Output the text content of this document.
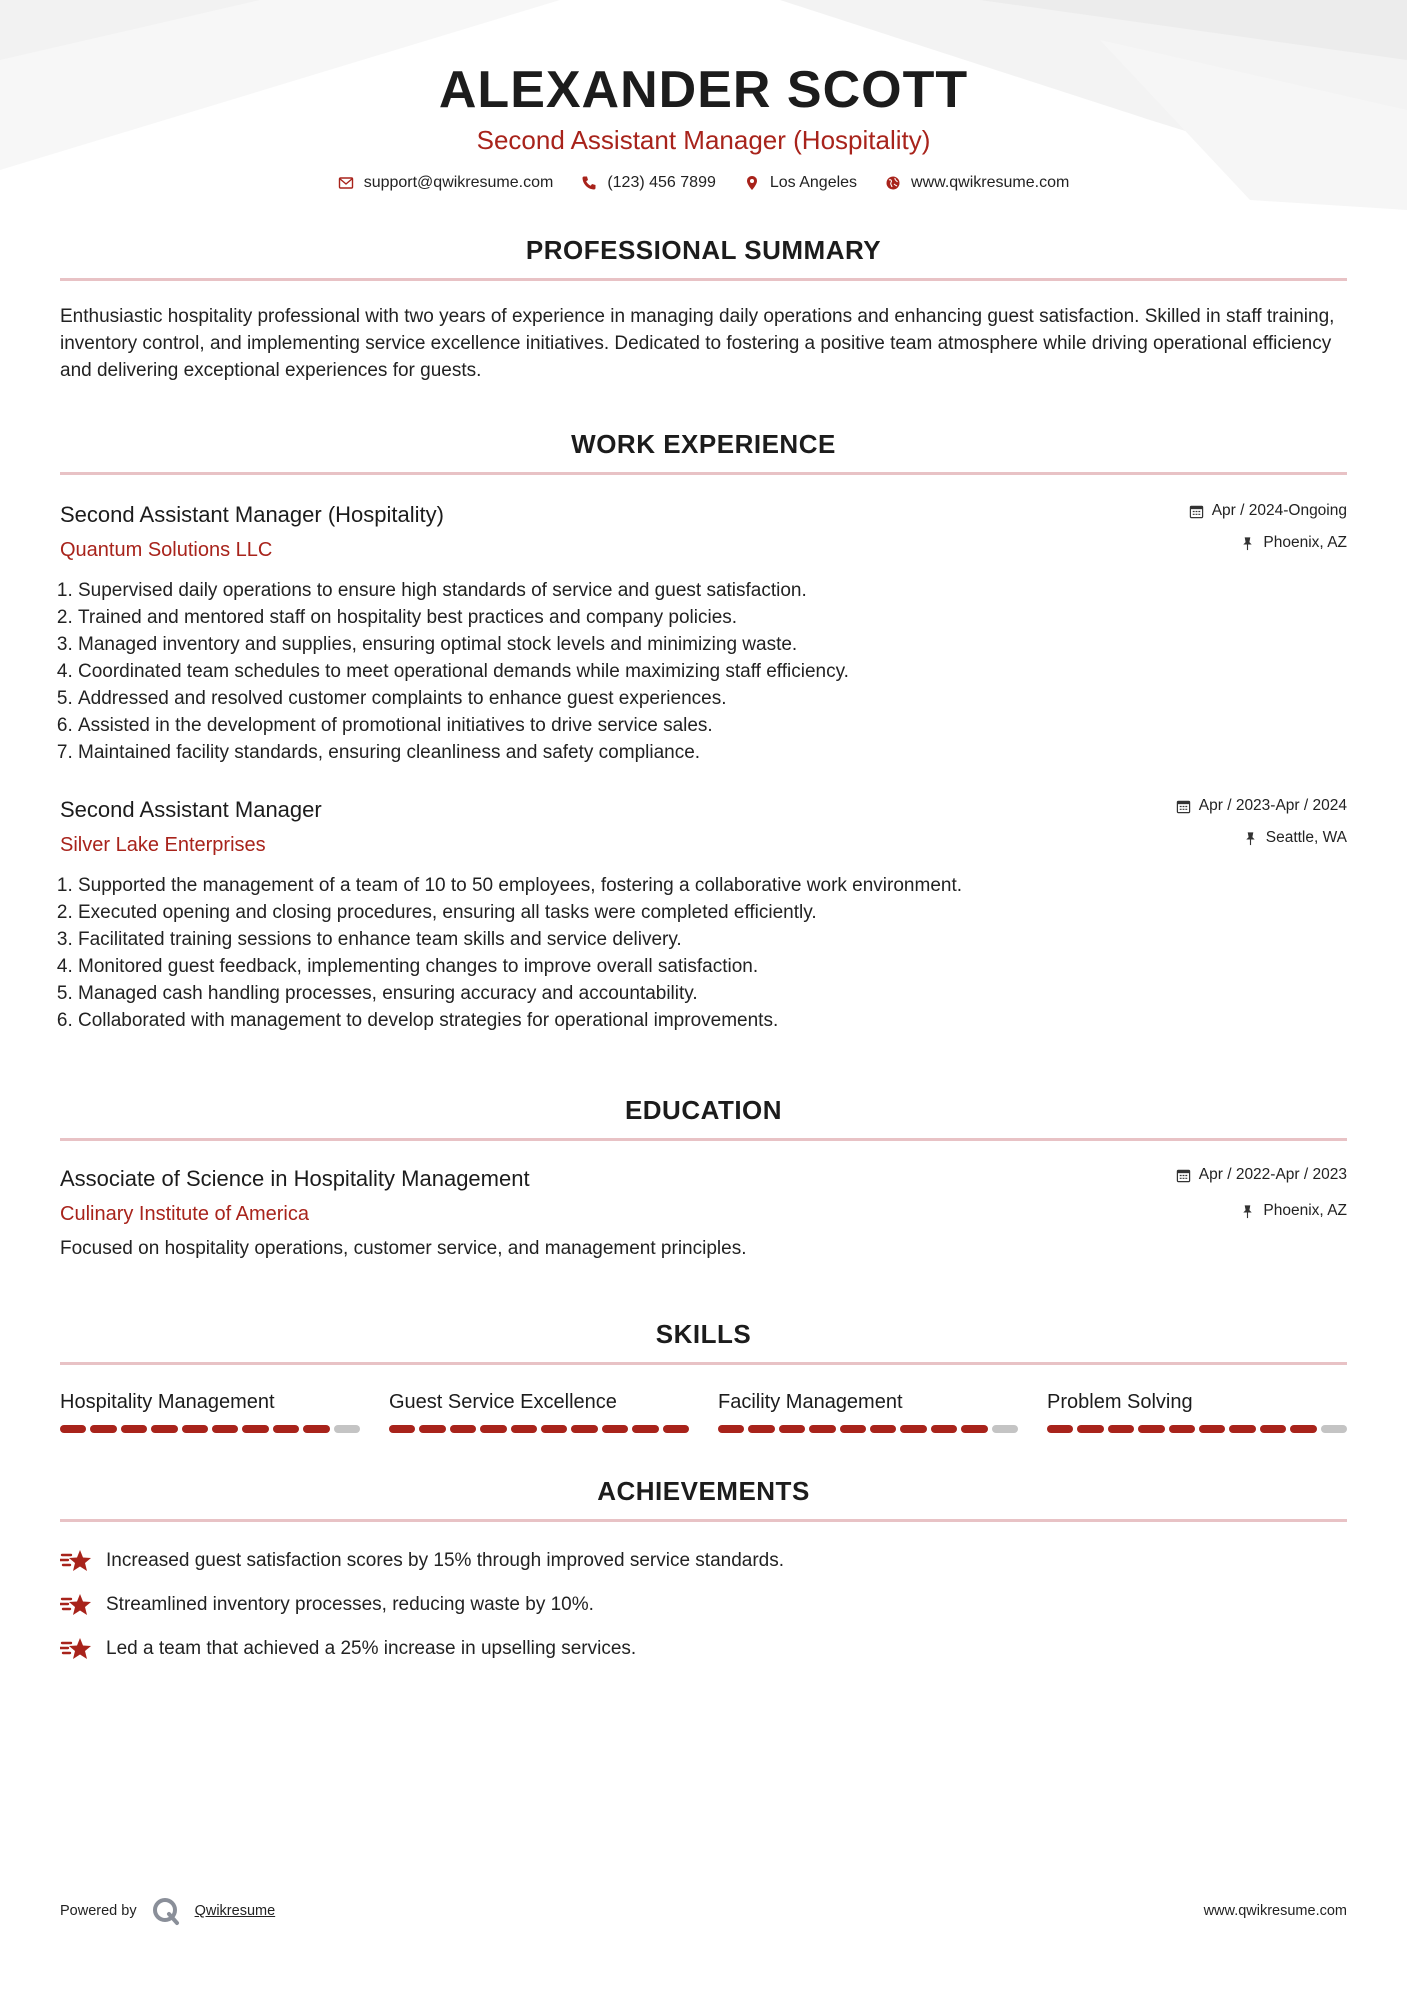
ALEXANDER SCOTT
Second Assistant Manager (Hospitality)
support@qwikresume.com	(123) 456 7899	Los Angeles	www.qwikresume.com
PROFESSIONAL SUMMARY

Enthusiastic hospitality professional with two years of experience in managing daily operations and enhancing guest satisfaction. Skilled in staff training, inventory control, and implementing service excellence initiatives. Dedicated to fostering a positive team atmosphere while driving operational efficiency and delivering exceptional experiences for guests.

WORK EXPERIENCE
Second Assistant Manager (Hospitality)
Quantum Solutions LLC
Apr / 2024-Ongoing
Phoenix, AZ
1. Supervised daily operations to ensure high standards of service and guest satisfaction.
2. Trained and mentored staff on hospitality best practices and company policies.
3. Managed inventory and supplies, ensuring optimal stock levels and minimizing waste.
4. Coordinated team schedules to meet operational demands while maximizing staff efficiency.
5. Addressed and resolved customer complaints to enhance guest experiences.
6. Assisted in the development of promotional initiatives to drive service sales.
7. Maintained facility standards, ensuring cleanliness and safety compliance.
Second Assistant Manager
Silver Lake Enterprises
Apr / 2023-Apr / 2024
Seattle, WA
1. Supported the management of a team of 10 to 50 employees, fostering a collaborative work environment.
2. Executed opening and closing procedures, ensuring all tasks were completed efficiently.
3. Facilitated training sessions to enhance team skills and service delivery.
4. Monitored guest feedback, implementing changes to improve overall satisfaction.
5. Managed cash handling processes, ensuring accuracy and accountability.
6. Collaborated with management to develop strategies for operational improvements.
EDUCATION
Associate of Science in Hospitality Management
Culinary Institute of America
Apr / 2022-Apr / 2023
Phoenix, AZ

Focused on hospitality operations, customer service, and management principles.

SKILLS
Hospitality Management	Guest Service Excellence	Facility Management	Problem Solving
ACHIEVEMENTS
Increased guest satisfaction scores by 15% through improved service standards.
Streamlined inventory processes, reducing waste by 10%.
Led a team that achieved a 25% increase in upselling services.
Powered by	Qwikresume	www.qwikresume.com
